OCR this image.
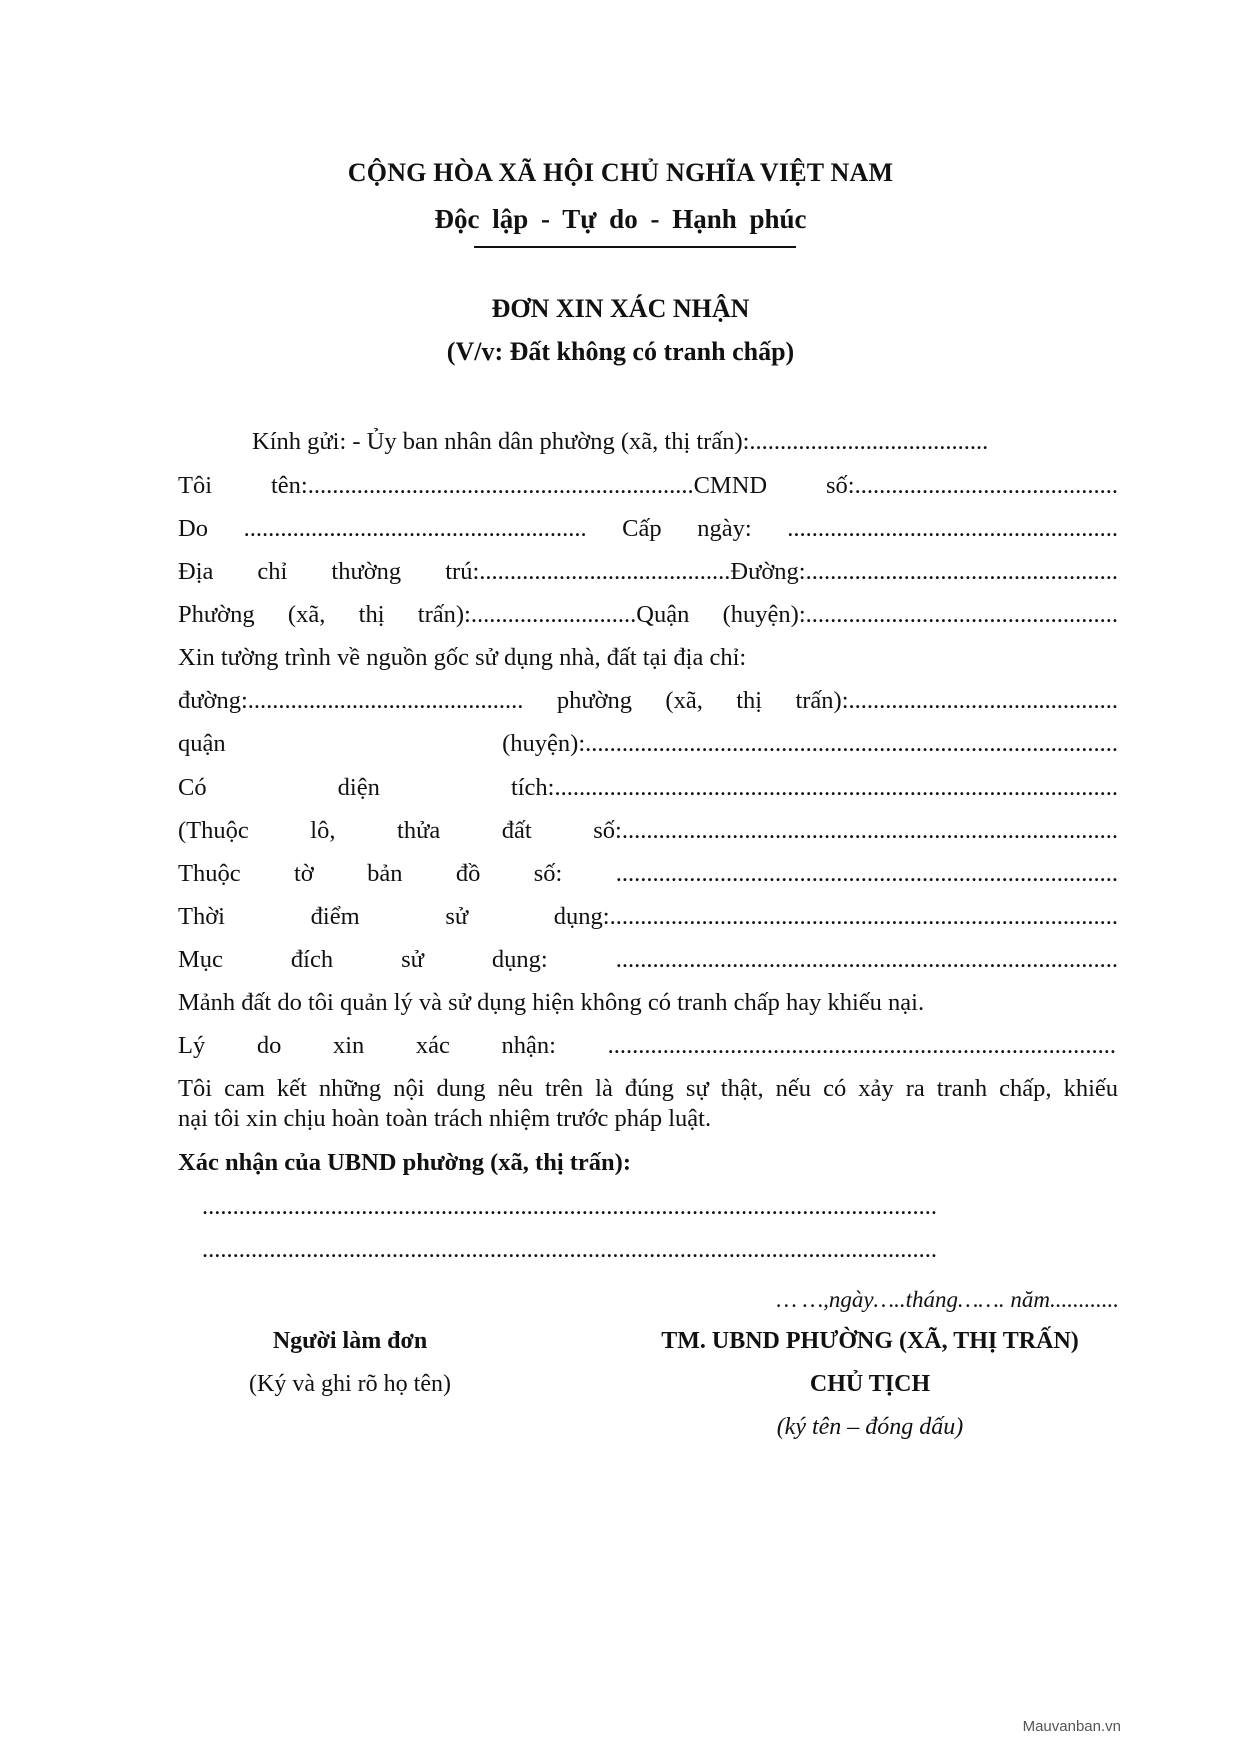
CỘNG HÒA XÃ HỘI CHỦ NGHĨA VIỆT NAM
Độc lập - Tự do - Hạnh phúc
ĐƠN XIN XÁC NHẬN
(V/v: Đất không có tranh chấp)
Kính gửi: - Ủy ban nhân dân phường (xã, thị trấn):.......................................
Tôi tên:...............................................................CMND số:...........................................
Do ........................................................ Cấp ngày: ......................................................
Địa chỉ thường trú:.........................................Đường:...................................................
Phường (xã, thị trấn):...........................Quận (huyện):...................................................
Xin tường trình về nguồn gốc sử dụng nhà, đất tại địa chỉ:
đường:............................................. phường (xã, thị trấn):............................................
quận (huyện):.......................................................................................
Có diện tích:............................................................................................
(Thuộc lô, thửa đất số:.................................................................................
Thuộc tờ bản đồ số: ..................................................................................
Thời điểm sử dụng:...................................................................................
Mục đích sử dụng:	..................................................................................
Mảnh đất do tôi quản lý và sử dụng hiện không có tranh chấp hay khiếu nại.
Lý do xin xác nhận: ...................................................................................
Tôi cam kết những nội dung nêu trên là đúng sự thật, nếu có xảy ra tranh chấp, khiếu
nại tôi xin chịu hoàn toàn trách nhiệm trước pháp luật.
Xác nhận của UBND phường (xã, thị trấn):
........................................................................................................................
........................................................................................................................
… …,ngày…..tháng……. năm............
Người làm đơn
(Ký và ghi rõ họ tên)
TM. UBND PHƯỜNG (XÃ, THỊ TRẤN)
CHỦ TỊCH
(ký tên – đóng dấu)
Mauvanban.vn
